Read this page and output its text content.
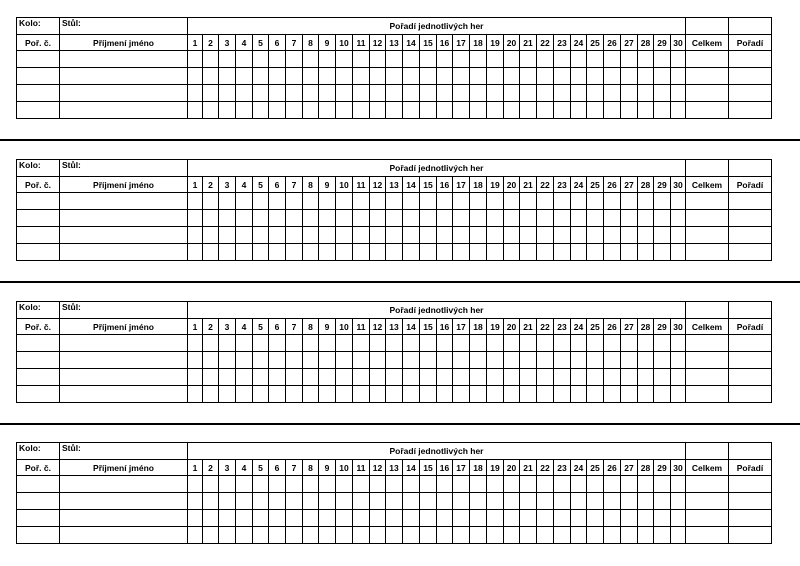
Kolo:	Stůl:	Pořadí jednotlivých her																															
Poř. č.	Příjmení jméno	1	2	3	4	5	6	7	8	9	10	11	12	13	14	15	16	17	18	19	20	21	22	23	24	25	26	27	28	29	30	Celkem	Pořadí

Kolo:	Stůl:	Pořadí jednotlivých her																															
Poř. č.	Příjmení jméno	1	2	3	4	5	6	7	8	9	10	11	12	13	14	15	16	17	18	19	20	21	22	23	24	25	26	27	28	29	30	Celkem	Pořadí

Kolo:	Stůl:	Pořadí jednotlivých her																															
Poř. č.	Příjmení jméno	1	2	3	4	5	6	7	8	9	10	11	12	13	14	15	16	17	18	19	20	21	22	23	24	25	26	27	28	29	30	Celkem	Pořadí

Kolo:	Stůl:	Pořadí jednotlivých her																															
Poř. č.	Příjmení jméno	1	2	3	4	5	6	7	8	9	10	11	12	13	14	15	16	17	18	19	20	21	22	23	24	25	26	27	28	29	30	Celkem	Pořadí
